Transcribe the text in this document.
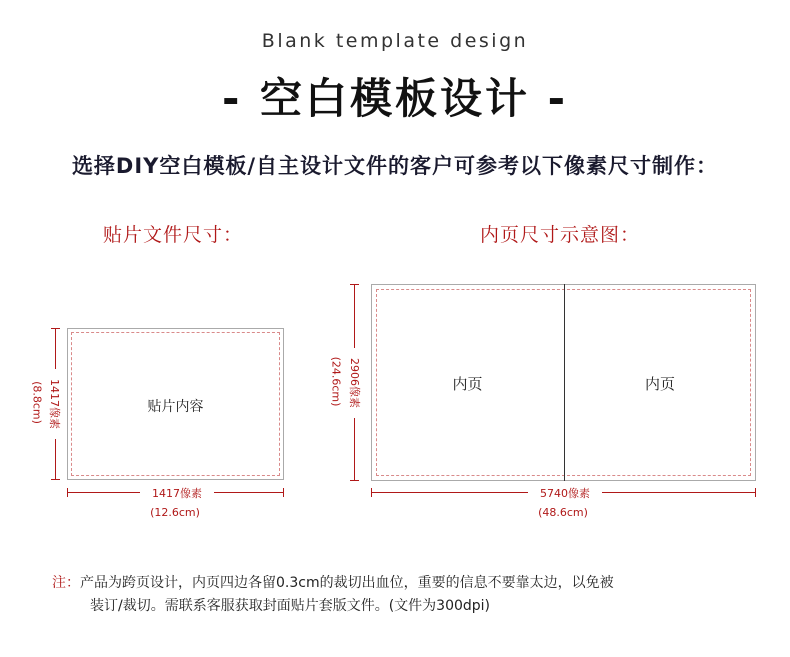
Blank template design
- 空白模板设计 -
选择DIY空白模板/自主设计文件的客户可参考以下像素尺寸制作：
贴片文件尺寸：	内页尺寸示意图：
贴片内容
1417像素
(12.6cm)
1417像素
(8.8cm)	内页	内页
5740像素
(48.6cm)
2906像素
(24.6cm)
注：产品为跨页设计，内页四边各留0.3cm的裁切出血位，重要的信息不要靠太边，以免被
装订/裁切。需联系客服获取封面贴片套版文件。(文件为300dpi)
